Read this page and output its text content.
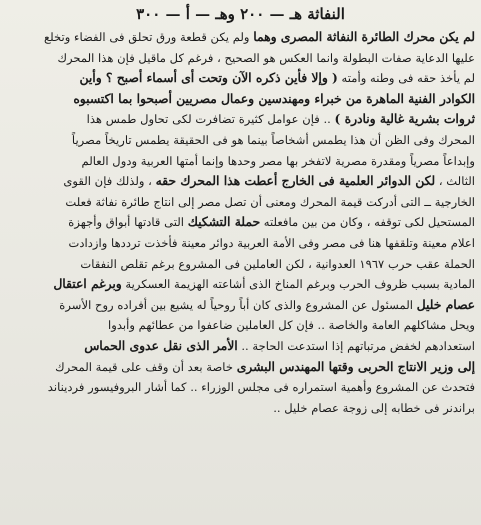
النفاثة هـ — ٢٠٠ وهـ — أ — ٣٠٠
لم يكن محرك الطائرة النفاثة المصرى وهما ولم يكن قطعة ورق تحلق فى الفضاء وتخلع
عليها الدعاية صفات البطولة وانما العكس هو الصحيح ، فرغم كل ماقيل فإن هذا المحرك
لم يأخذ حقه فى وطنه وأمته ( وإلا فأين ذكره الآن وتحت أى أسماء أصبح ؟ وأين
الكوادر الفنية الماهرة من خبراء ومهندسين وعمال مصريين أصبحوا بما اكتسبوه
ثروات بشرية غالية ونادرة ) .. فإن عوامل كثيرة تضافرت لكى تحاول طمس هذا
المحرك وفى الظن أن هذا يطمس أشخاصاً بينما هو فى الحقيقة يطمس تاريخاً مصرياً
وإبداعاً مصرياً ومقدرة مصرية لاتفخر بها مصر وحدها وإنما أمتها العربية ودول العالم
الثالث ، لكن الدوائر العلمية فى الخارج أعطت هذا المحرك حقه ، ولذلك فإن القوى
الخارجية ــ التى أدركت قيمة المحرك ومعنى أن تصل مصر إلى انتاج طائرة نفاثة فعلت
المستحيل لكى توقفه ، وكان من بين مافعلته حملة التشكيك التى قادتها أبواق وأجهزة
اعلام معينة وتلقفها هنا فى مصر وفى الأمة العربية دوائر معينة فأخذت ترددها وازدادت
الحملة عقب حرب ١٩٦٧ العدوانية ، لكن العاملين فى المشروع برغم تقلص النفقات
المادية بسبب ظروف الحرب وبرغم المناخ الذى أشاعته الهزيمة العسكرية وبرغم اعتقال
عصام خليل المسئول عن المشروع والذى كان أباً روحياً له يشيع بين أفراده روح الأسرة
ويحل مشاكلهم العامة والخاصة .. فإن كل العاملين ضاعفوا من عطائهم وأبدوا
استعدادهم لخفض مرتباتهم إذا استدعت الحاجة .. الأمر الذى نقل عدوى الحماس
إلى وزير الانتاج الحربى وقتها المهندس البشرى خاصة بعد أن وقف على قيمة المحرك
فتحدث عن المشروع وأهمية استمراره فى مجلس الوزراء .. كما أشار البروفيسور فرديناند
براندنر فى خطابه إلى زوجة عصام خليل ..
